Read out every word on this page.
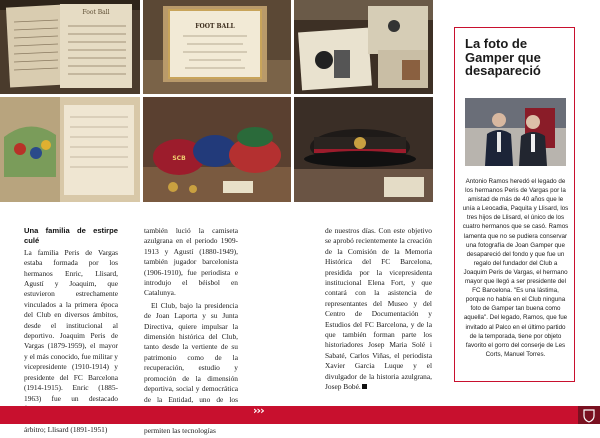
Foot Ball
FOOT BALL
SCB
Una familia de estirpe culé

La familia Peris de Vargas estaba formada por los hermanos Enric, Llisard, Agustí y Joaquim, que estuvieron estrechamente vinculados a la primera época del Club en diversos ámbitos, desde el institucional al deportivo. Joaquim Peris de Vargas (1879-1959), el mayor y el más conocido, fue militar y vicepresidente (1910-1914) y presidente del FC Barcelona (1914-1915). Enric (1885-1963) fue un destacado árbitro; Llisard (1891-1951)

también lució la camiseta azulgrana en el periodo 1909-1913 y Agustí (1880-1949), también jugador barcelonista (1906-1910), fue periodista e introdujo el béisbol en Catalunya.

El Club, bajo la presidencia de Joan Laporta y su Junta Directiva, quiere impulsar la dimensión histórica del Club, tanto desde la vertiente de su patrimonio como de la recuperación, estudio y promoción de la dimensión deportiva, social y democrática de la Entidad, uno de los permiten las tecnologías

de nuestros días. Con este objetivo se aprobó recientemente la creación de la Comisión de la Memoria Histórica del FC Barcelona, presidida por la vicepresidenta institucional Elena Fort, y que contará con la asistencia de representantes del Museo y del Centro de Documentación y Estudios del FC Barcelona, y de la que también forman parte los historiadores Josep Maria Solé i Sabaté, Carlos Viñas, el periodista Xavier Garcia Luque y el divulgador de la historia azulgrana, Josep Bobé.

La foto de Gamper que desapareció
Antonio Ramos heredó el legado de los hermanos Peris de Vargas por la amistad de más de 40 años que le unía a Leocadia, Paquita y Llisard, los tres hijos de Llisard, el único de los cuatro hermanos que se casó. Ramos lamenta que no se pudiera conservar una fotografía de Joan Gamper que desapareció del fondo y que fue un regalo del fundador del Club a Joaquim Peris de Vargas, el hermano mayor que llegó a ser presidente del FC Barcelona. "Es una lástima, porque no había en el Club ninguna foto de Gamper tan buena como aquella". Del legado, Ramos, que fue invitado al Palco en el último partido de la temporada, tiene por objeto favorito el gorro del conserje de Les Corts, Manuel Torres.
›››
